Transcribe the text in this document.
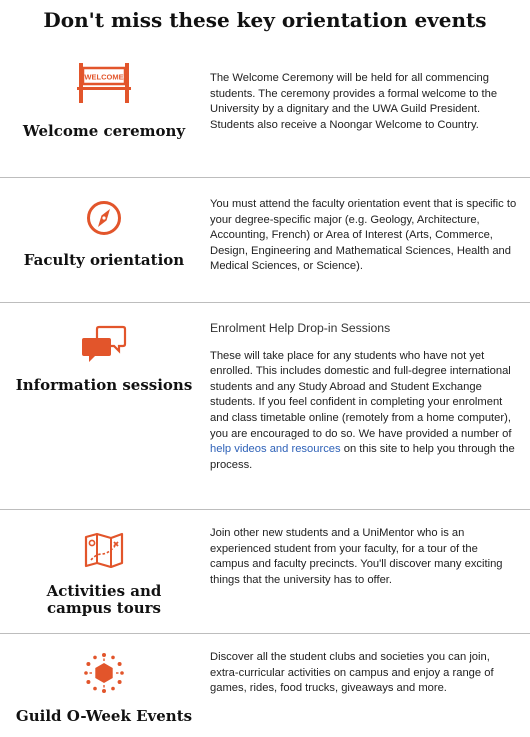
Don't miss these key orientation events
WELCOME
Welcome ceremony

The Welcome Ceremony will be held for all commencing students. The ceremony provides a formal welcome to the University by a dignitary and the UWA Guild President. Students also receive a Noongar Welcome to Country.

Faculty orientation

You must attend the faculty orientation event that is specific to your degree-specific major (e.g. Geology, Architecture, Accounting, French) or Area of Interest (Arts, Commerce, Design, Engineering and Mathematical Sciences, Health and Medical Sciences, or Science).

Information sessions

Enrolment Help Drop-in Sessions

These will take place for any students who have not yet enrolled. This includes domestic and full-degree international students and any Study Abroad and Student Exchange students. If you feel confident in completing your enrolment and class timetable online (remotely from a home computer), you are encouraged to do so. We have provided a number of help videos and resources on this site to help you through the process.

Activities and campus tours

Join other new students and a UniMentor who is an experienced student from your faculty, for a tour of the campus and faculty precincts. You'll discover many exciting things that the university has to offer.

Guild O-Week Events

Discover all the student clubs and societies you can join, extra-curricular activities on campus and enjoy a range of games, rides, food trucks, giveaways and more.
